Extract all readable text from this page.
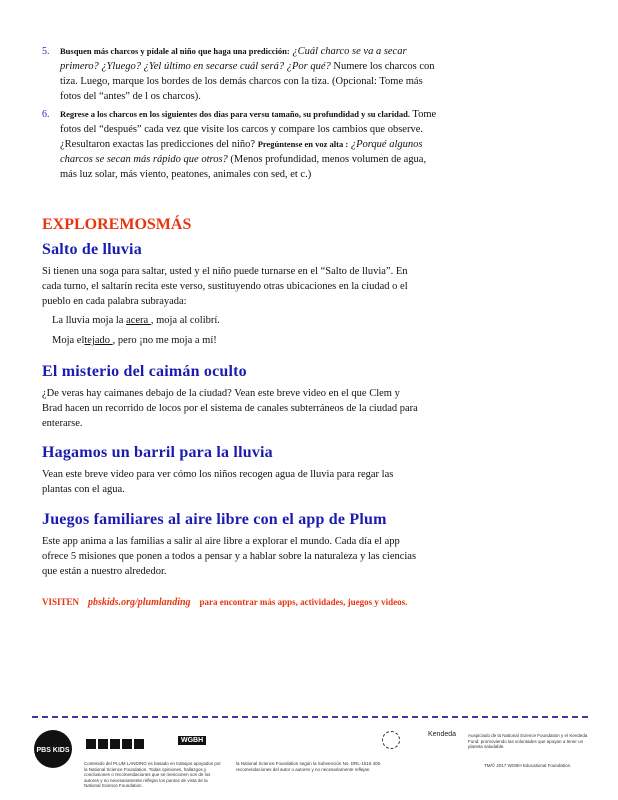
5. Busquen más charcos y pídale al niño que haga una predicción: ¿Cuál charco se va a secar primero? ¿Yluego? ¿Yel último en secarse cuál será? ¿Por qué? Numere los charcos con tiza. Luego, marque los bordes de los demás charcos con la tiza. (Opcional: Tome más fotos del “antes” de l os charcos).
6. Regrese a los charcos en los siguientes dos días para versu tamaño, su profundidad y su claridad. Tome fotos del “después” cada vez que visite los carcos y compare los cambios que observe.¿Resultaron exactas las predicciones del niño? Pregúntense en voz alta : ¿Porqué algunos charcos se secan más rápido que otros? (Menos profundidad, menos volumen de agua, más luz solar, más viento, peatones, animales con sed, et c.)
EXPLOREMOSMÁS
Salto de lluvia
Si tienen una soga para saltar, usted y el niño puede turnarse en el “Salto de lluvia”. En cada turno, el saltarín recita este verso, sustituyendo otras ubicaciones en la ciudad o el pueblo en cada palabra subrayada:
La lluvia moja la acera , moja al colibrí.
Moja eltejado , pero ¡no me moja a mí!
El misterio del caimán oculto
¿De veras hay caimanes debajo de la ciudad? Vean este breve video en el que Clem y Brad hacen un recorrido de locos por el sistema de canales subterráneos de la ciudad para enterarse.
Hagamos un barril para la lluvia
Vean este breve video para ver cómo los niños recogen agua de lluvia para regar las plantas con el agua.
Juegos familiares al aire libre con el app de Plum
Este app anima a las familias a salir al aire libre a explorar el mundo. Cada día el app ofrece 5 misiones que ponen a todos a pensar y a hablar sobre la naturaleza y las ciencias que están a nuestro alrededor.
VISITEN pbskids.org/plumlanding para encontrar más apps, actividades, juegos y videos.
PBS KIDS
WGBH
Kendeda
Contenido del PLUM LANDING es basado en trabajos apoyados por la National Science Foundation. Todas opiniones, hallazgos y conclusiones o recomendaciones que se mencionen son de los autores y no necesariamente reflejan los puntos de vista de la National Science Foundation.
la National Science Foundation según la Subvención No. DRL-1516 400. recomendaciones del autor o autores y no necesariamente reflejan
Auspiciado de la National Science Foundation y el Kendeda Fund: promoviendo las voluntades que apoyan a tener un planeta saludable.
TM/© 2017 WGBH Educational Foundation.
